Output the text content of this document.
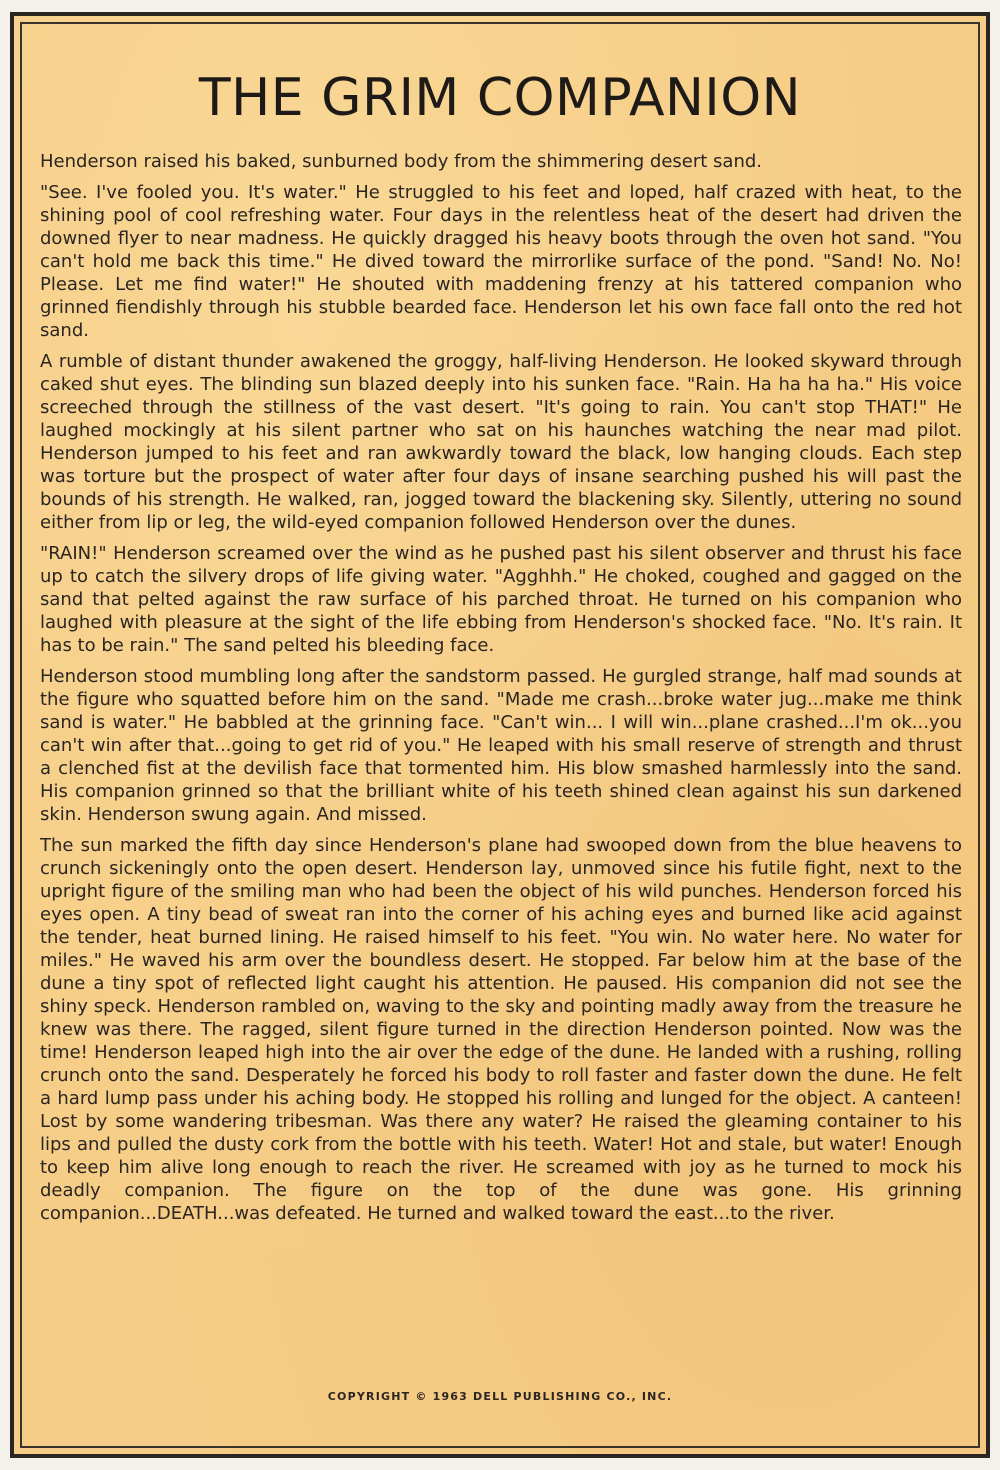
THE GRIM COMPANION

Henderson raised his baked, sunburned body from the shimmering desert sand.

"See. I've fooled you. It's water." He struggled to his feet and loped, half crazed with heat, to the shining pool of cool refreshing water. Four days in the relentless heat of the desert had driven the downed flyer to near madness. He quickly dragged his heavy boots through the oven hot sand. "You can't hold me back this time." He dived toward the mirrorlike surface of the pond. "Sand! No. No! Please. Let me find water!" He shouted with maddening frenzy at his tattered companion who grinned fiendishly through his stubble bearded face. Henderson let his own face fall onto the red hot sand.

A rumble of distant thunder awakened the groggy, half-living Henderson. He looked skyward through caked shut eyes. The blinding sun blazed deeply into his sunken face. "Rain. Ha ha ha ha." His voice screeched through the stillness of the vast desert. "It's going to rain. You can't stop THAT!" He laughed mockingly at his silent partner who sat on his haunches watching the near mad pilot. Henderson jumped to his feet and ran awkwardly toward the black, low hanging clouds. Each step was torture but the prospect of water after four days of insane searching pushed his will past the bounds of his strength. He walked, ran, jogged toward the blackening sky. Silently, uttering no sound either from lip or leg, the wild-eyed companion followed Henderson over the dunes.

"RAIN!" Henderson screamed over the wind as he pushed past his silent observer and thrust his face up to catch the silvery drops of life giving water. "Agghhh." He choked, coughed and gagged on the sand that pelted against the raw surface of his parched throat. He turned on his companion who laughed with pleasure at the sight of the life ebbing from Henderson's shocked face. "No. It's rain. It has to be rain." The sand pelted his bleeding face.

Henderson stood mumbling long after the sandstorm passed. He gurgled strange, half mad sounds at the figure who squatted before him on the sand. "Made me crash...broke water jug...make me think sand is water." He babbled at the grinning face. "Can't win... I will win...plane crashed...I'm ok...you can't win after that...going to get rid of you." He leaped with his small reserve of strength and thrust a clenched fist at the devilish face that tormented him. His blow smashed harmlessly into the sand. His companion grinned so that the brilliant white of his teeth shined clean against his sun darkened skin. Henderson swung again. And missed.

The sun marked the fifth day since Henderson's plane had swooped down from the blue heavens to crunch sickeningly onto the open desert. Henderson lay, unmoved since his futile fight, next to the upright figure of the smiling man who had been the object of his wild punches. Henderson forced his eyes open. A tiny bead of sweat ran into the corner of his aching eyes and burned like acid against the tender, heat burned lining. He raised himself to his feet. "You win. No water here. No water for miles." He waved his arm over the boundless desert. He stopped. Far below him at the base of the dune a tiny spot of reflected light caught his attention. He paused. His companion did not see the shiny speck. Henderson rambled on, waving to the sky and pointing madly away from the treasure he knew was there. The ragged, silent figure turned in the direction Henderson pointed. Now was the time! Henderson leaped high into the air over the edge of the dune. He landed with a rushing, rolling crunch onto the sand. Desperately he forced his body to roll faster and faster down the dune. He felt a hard lump pass under his aching body. He stopped his rolling and lunged for the object. A canteen! Lost by some wandering tribesman. Was there any water? He raised the gleaming container to his lips and pulled the dusty cork from the bottle with his teeth. Water! Hot and stale, but water! Enough to keep him alive long enough to reach the river. He screamed with joy as he turned to mock his deadly companion. The figure on the top of the dune was gone. His grinning companion...DEATH...was defeated. He turned and walked toward the east...to the river.

COPYRIGHT © 1963 DELL PUBLISHING CO., INC.
